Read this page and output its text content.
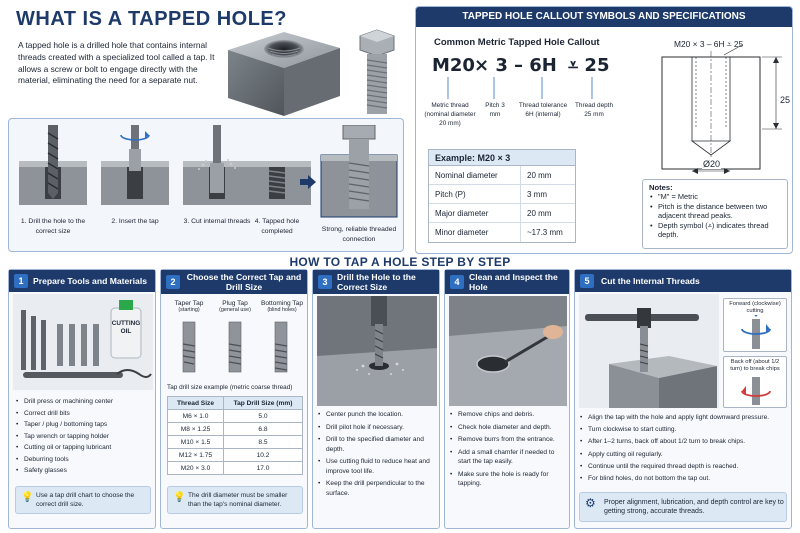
WHAT IS A TAPPED HOLE?
A tapped hole is a drilled hole that contains internal threads created with a specialized tool called a tap. It allows a screw or bolt to engage directly with the material, eliminating the need for a separate nut.
1. Drill the hole to the correct size
2. Insert the tap	3. Cut internal threads 4. Tapped hole completed	Strong, reliable threaded connection
TAPPED HOLE CALLOUT SYMBOLS AND SPECIFICATIONS
Common Metric Tapped Hole Callout
M20 × 3 – 6H ⩡ 25
Metric thread (nominal diameter 20 mm)
Pitch 3 mm
Thread tolerance 6H (internal)
Thread depth 25 mm
Example: M20 × 3
Nominal diameter	20 mm
Pitch (P)	3 mm
Major diameter	20 mm
Minor diameter	~17.3 mm
M20 × 3 – 6H ⩡ 25
25
Ø20
Notes:
• "M" = Metric
• Pitch is the distance between two adjacent thread peaks.
• Depth symbol (⩡) indicates thread depth.
HOW TO TAP A HOLE STEP BY STEP
1	Prepare Tools and Materials
CUTTING OIL
• Drill press or machining center
• Correct drill bits
• Taper / plug / bottoming taps
• Tap wrench or tapping holder
• Cutting oil or tapping lubricant
• Deburring tools
• Safety glasses
💡 Use a tap drill chart to choose the correct drill size.
2	Choose the Correct Tap and Drill Size
Taper Tap
(starting)
Plug Tap
(general use)
Bottoming Tap
(blind holes)
Tap drill size example (metric coarse thread)
Thread Size	Tap Drill Size (mm)
M6 × 1.0	5.0
M8 × 1.25	6.8
M10 × 1.5	8.5
M12 × 1.75	10.2
M20 × 3.0	17.0
💡 The drill diameter must be smaller than the tap's nominal diameter.
3	Drill the Hole to the Correct Size
• Center punch the location.
• Drill pilot hole if necessary.
• Drill to the specified diameter and depth.
• Use cutting fluid to reduce heat and improve tool life.
• Keep the drill perpendicular to the surface.
4	Clean and Inspect the Hole
• Remove chips and debris.
• Check hole diameter and depth.
• Remove burrs from the entrance.
• Add a small chamfer if needed to start the tap easily.
• Make sure the hole is ready for tapping.
5	Cut the Internal Threads
Forward (clockwise) cutting
Back off (about 1/2 turn) to break chips
• Align the tap with the hole and apply light downward pressure.
• Turn clockwise to start cutting.
• After 1–2 turns, back off about 1/2 turn to break chips.
• Apply cutting oil regularly.
• Continue until the required thread depth is reached.
• For blind holes, do not bottom the tap out.
⚙ Proper alignment, lubrication, and depth control are key to getting strong, accurate threads.
